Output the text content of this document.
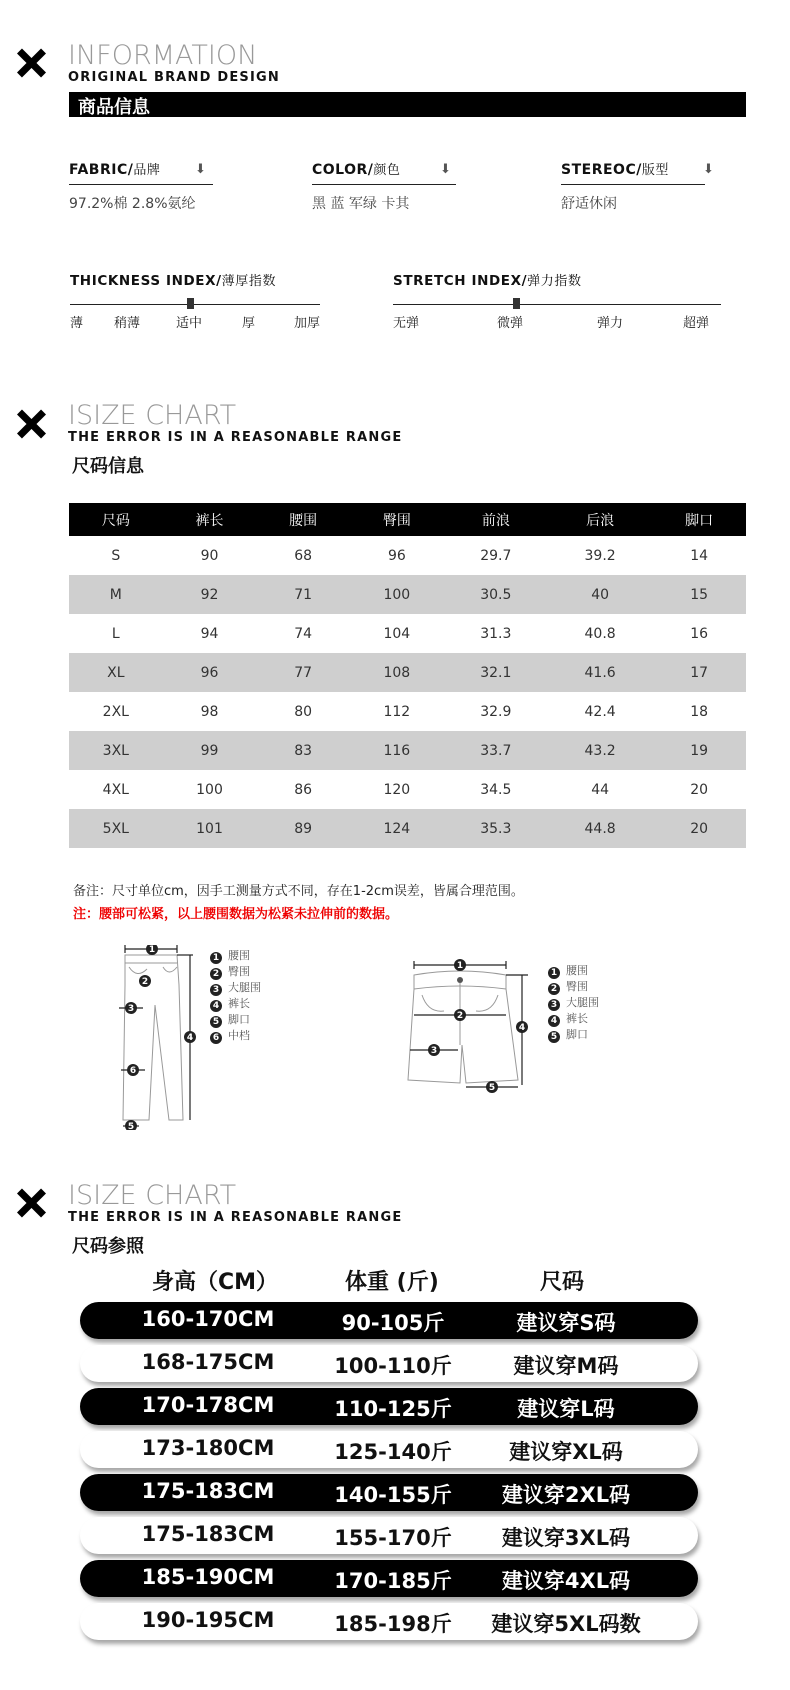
INFORMATION
ORIGINAL BRAND DESIGN
商品信息
FABRIC/品牌	⬇
97.2%棉 2.8%氨纶
COLOR/颜色	⬇
黑 蓝 军绿 卡其
STEREOC/版型	⬇
舒适休闲
THICKNESS INDEX/薄厚指数
薄 稍薄	适中	厚	加厚
STRETCH INDEX/弹力指数
无弹	微弹	弹力	超弹
ISIZE CHART
THE ERROR IS IN A REASONABLE RANGE
尺码信息
尺码	裤长	腰围	臀围	前浪	后浪	脚口
S	90	68	96	29.7	39.2	14
M	92	71	100	30.5	40	15
L	94	74	104	31.3	40.8	16
XL	96	77	108	32.1	41.6	17
2XL	98	80	112	32.9	42.4	18
3XL	99	83	116	33.7	43.2	19
4XL	100	86	120	34.5	44	20
5XL	101	89	124	35.3	44.8	20
备注：尺寸单位cm，因手工测量方式不同，存在1-2cm误差，皆属合理范围。
注：腰部可松紧，以上腰围数据为松紧未拉伸前的数据。
1
2
3
4
5
6
1 腰围
2 臀围
3 大腿围
4 裤长
5 脚口
6 中档
1
2
3
4
5
1 腰围
2 臀围
3 大腿围
4 裤长
5 脚口
ISIZE CHART
THE ERROR IS IN A REASONABLE RANGE
尺码参照
身高（CM）	体重 (斤)	尺码
160-170CM	90-105斤	建议穿S码
168-175CM	100-110斤	建议穿M码
170-178CM	110-125斤	建议穿L码
173-180CM	125-140斤	建议穿XL码
175-183CM	140-155斤 建议穿2XL码
175-183CM	155-170斤 建议穿3XL码
185-190CM	170-185斤 建议穿4XL码
190-195CM	185-198斤 建议穿5XL码数
